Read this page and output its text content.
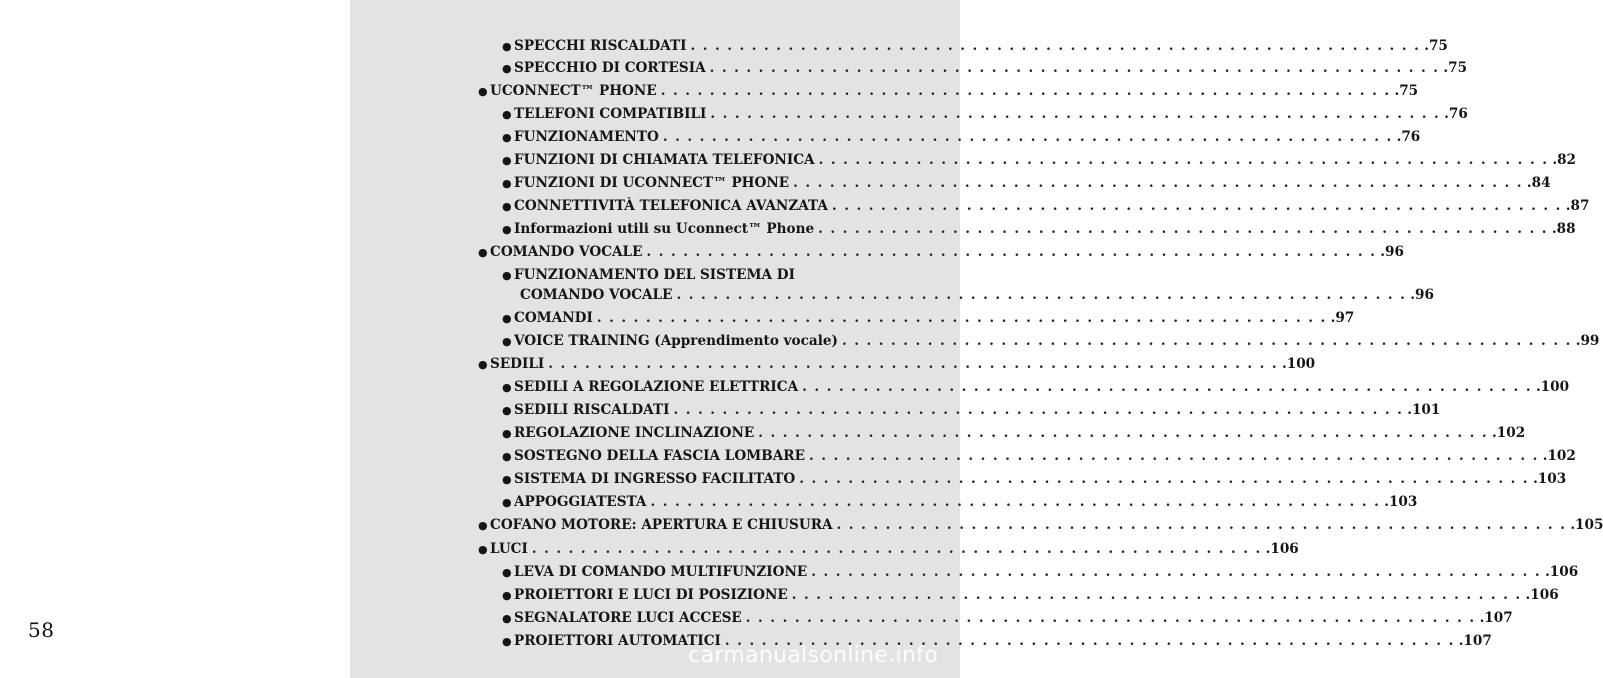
58
● SPECCHI RISCALDATI . . . . . . . . . . . . . . . . . . . . . . . . . . . . . . . . . . . . . . . . . . . . . . . . . . . . . . . . . . . . .75
● SPECCHIO DI CORTESIA . . . . . . . . . . . . . . . . . . . . . . . . . . . . . . . . . . . . . . . . . . . . . . . . . . . . . . . . . . . . .75
● UCONNECT™ PHONE . . . . . . . . . . . . . . . . . . . . . . . . . . . . . . . . . . . . . . . . . . . . . . . . . . . . . . . . . . . . .75
● TELEFONI COMPATIBILI . . . . . . . . . . . . . . . . . . . . . . . . . . . . . . . . . . . . . . . . . . . . . . . . . . . . . . . . . . . . .76
● FUNZIONAMENTO . . . . . . . . . . . . . . . . . . . . . . . . . . . . . . . . . . . . . . . . . . . . . . . . . . . . . . . . . . . . .76
● FUNZIONI DI CHIAMATA TELEFONICA . . . . . . . . . . . . . . . . . . . . . . . . . . . . . . . . . . . . . . . . . . . . . . . . . . . . . . . . . . . . .82
● FUNZIONI DI UCONNECT™ PHONE . . . . . . . . . . . . . . . . . . . . . . . . . . . . . . . . . . . . . . . . . . . . . . . . . . . . . . . . . . . . .84
● CONNETTIVITÀ TELEFONICA AVANZATA . . . . . . . . . . . . . . . . . . . . . . . . . . . . . . . . . . . . . . . . . . . . . . . . . . . . . . . . . . . . .87
● Informazioni utili su Uconnect™ Phone . . . . . . . . . . . . . . . . . . . . . . . . . . . . . . . . . . . . . . . . . . . . . . . . . . . . . . . . . . . . .88
● COMANDO VOCALE . . . . . . . . . . . . . . . . . . . . . . . . . . . . . . . . . . . . . . . . . . . . . . . . . . . . . . . . . . . . .96
● FUNZIONAMENTO DEL SISTEMA DI
COMANDO VOCALE . . . . . . . . . . . . . . . . . . . . . . . . . . . . . . . . . . . . . . . . . . . . . . . . . . . . . . . . . . . . .96
● COMANDI . . . . . . . . . . . . . . . . . . . . . . . . . . . . . . . . . . . . . . . . . . . . . . . . . . . . . . . . . . . . .97
● VOICE TRAINING (Apprendimento vocale) . . . . . . . . . . . . . . . . . . . . . . . . . . . . . . . . . . . . . . . . . . . . . . . . . . . . . . . . . . . . .99
● SEDILI . . . . . . . . . . . . . . . . . . . . . . . . . . . . . . . . . . . . . . . . . . . . . . . . . . . . . . . . . . . . .100
● SEDILI A REGOLAZIONE ELETTRICA . . . . . . . . . . . . . . . . . . . . . . . . . . . . . . . . . . . . . . . . . . . . . . . . . . . . . . . . . . . . .100
● SEDILI RISCALDATI . . . . . . . . . . . . . . . . . . . . . . . . . . . . . . . . . . . . . . . . . . . . . . . . . . . . . . . . . . . . .101
● REGOLAZIONE INCLINAZIONE . . . . . . . . . . . . . . . . . . . . . . . . . . . . . . . . . . . . . . . . . . . . . . . . . . . . . . . . . . . . .102
● SOSTEGNO DELLA FASCIA LOMBARE . . . . . . . . . . . . . . . . . . . . . . . . . . . . . . . . . . . . . . . . . . . . . . . . . . . . . . . . . . . . .102
● SISTEMA DI INGRESSO FACILITATO . . . . . . . . . . . . . . . . . . . . . . . . . . . . . . . . . . . . . . . . . . . . . . . . . . . . . . . . . . . . .103
● APPOGGIATESTA . . . . . . . . . . . . . . . . . . . . . . . . . . . . . . . . . . . . . . . . . . . . . . . . . . . . . . . . . . . . .103
● COFANO MOTORE: APERTURA E CHIUSURA . . . . . . . . . . . . . . . . . . . . . . . . . . . . . . . . . . . . . . . . . . . . . . . . . . . . . . . . . . . . .105
● LUCI . . . . . . . . . . . . . . . . . . . . . . . . . . . . . . . . . . . . . . . . . . . . . . . . . . . . . . . . . . . . .106
● LEVA DI COMANDO MULTIFUNZIONE . . . . . . . . . . . . . . . . . . . . . . . . . . . . . . . . . . . . . . . . . . . . . . . . . . . . . . . . . . . . .106
● PROIETTORI E LUCI DI POSIZIONE . . . . . . . . . . . . . . . . . . . . . . . . . . . . . . . . . . . . . . . . . . . . . . . . . . . . . . . . . . . . .106
● SEGNALATORE LUCI ACCESE . . . . . . . . . . . . . . . . . . . . . . . . . . . . . . . . . . . . . . . . . . . . . . . . . . . . . . . . . . . . .107
● PROIETTORI AUTOMATICI . . . . . . . . . . . . . . . . . . . . . . . . . . . . . . . . . . . . . . . . . . . . . . . . . . . . . . . . . . . . .107
carmanualsonline.info
